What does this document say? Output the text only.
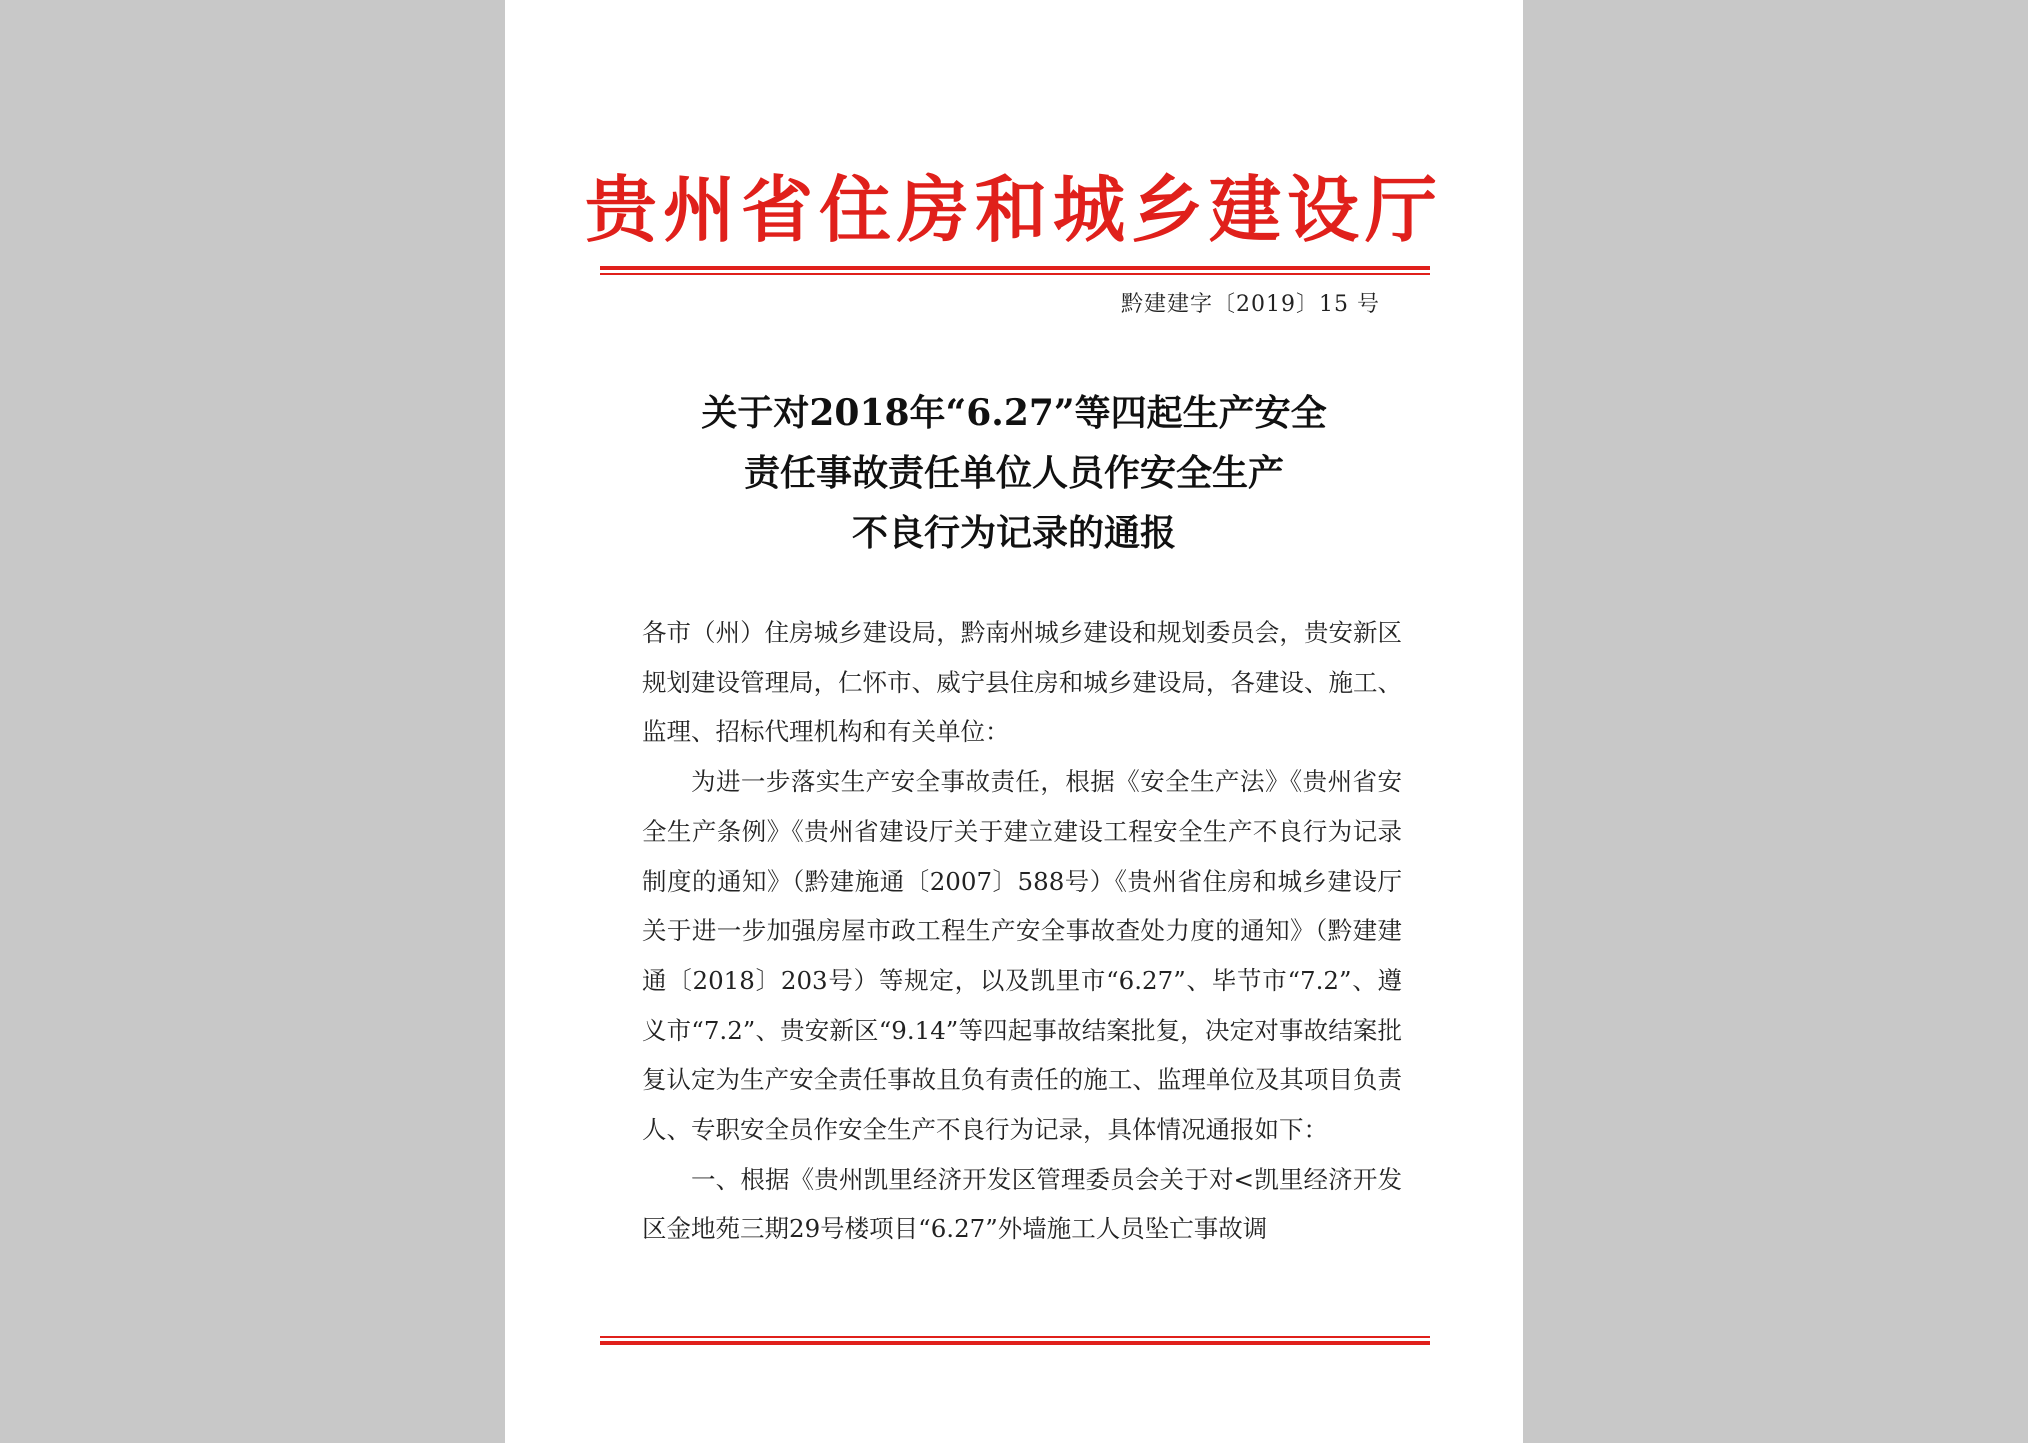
贵州省住房和城乡建设厅
黔建建字〔2019〕15 号
关于对2018年“6.27”等四起生产安全
责任事故责任单位人员作安全生产
不良行为记录的通报

各市（州）住房城乡建设局，黔南州城乡建设和规划委员会，贵安新区规划建设管理局，仁怀市、威宁县住房和城乡建设局，各建设、施工、监理、招标代理机构和有关单位：

为进一步落实生产安全事故责任，根据《安全生产法》《贵州省安全生产条例》《贵州省建设厅关于建立建设工程安全生产不良行为记录制度的通知》（黔建施通〔2007〕588号）《贵州省住房和城乡建设厅关于进一步加强房屋市政工程生产安全事故查处力度的通知》（黔建建通〔2018〕203号）等规定，以及凯里市“6.27”、毕节市“7.2”、遵义市“7.2”、贵安新区“9.14”等四起事故结案批复，决定对事故结案批复认定为生产安全责任事故且负有责任的施工、监理单位及其项目负责人、专职安全员作安全生产不良行为记录，具体情况通报如下：

一、根据《贵州凯里经济开发区管理委员会关于对<凯里经济开发区金地苑三期29号楼项目“6.27”外墙施工人员坠亡事故调
